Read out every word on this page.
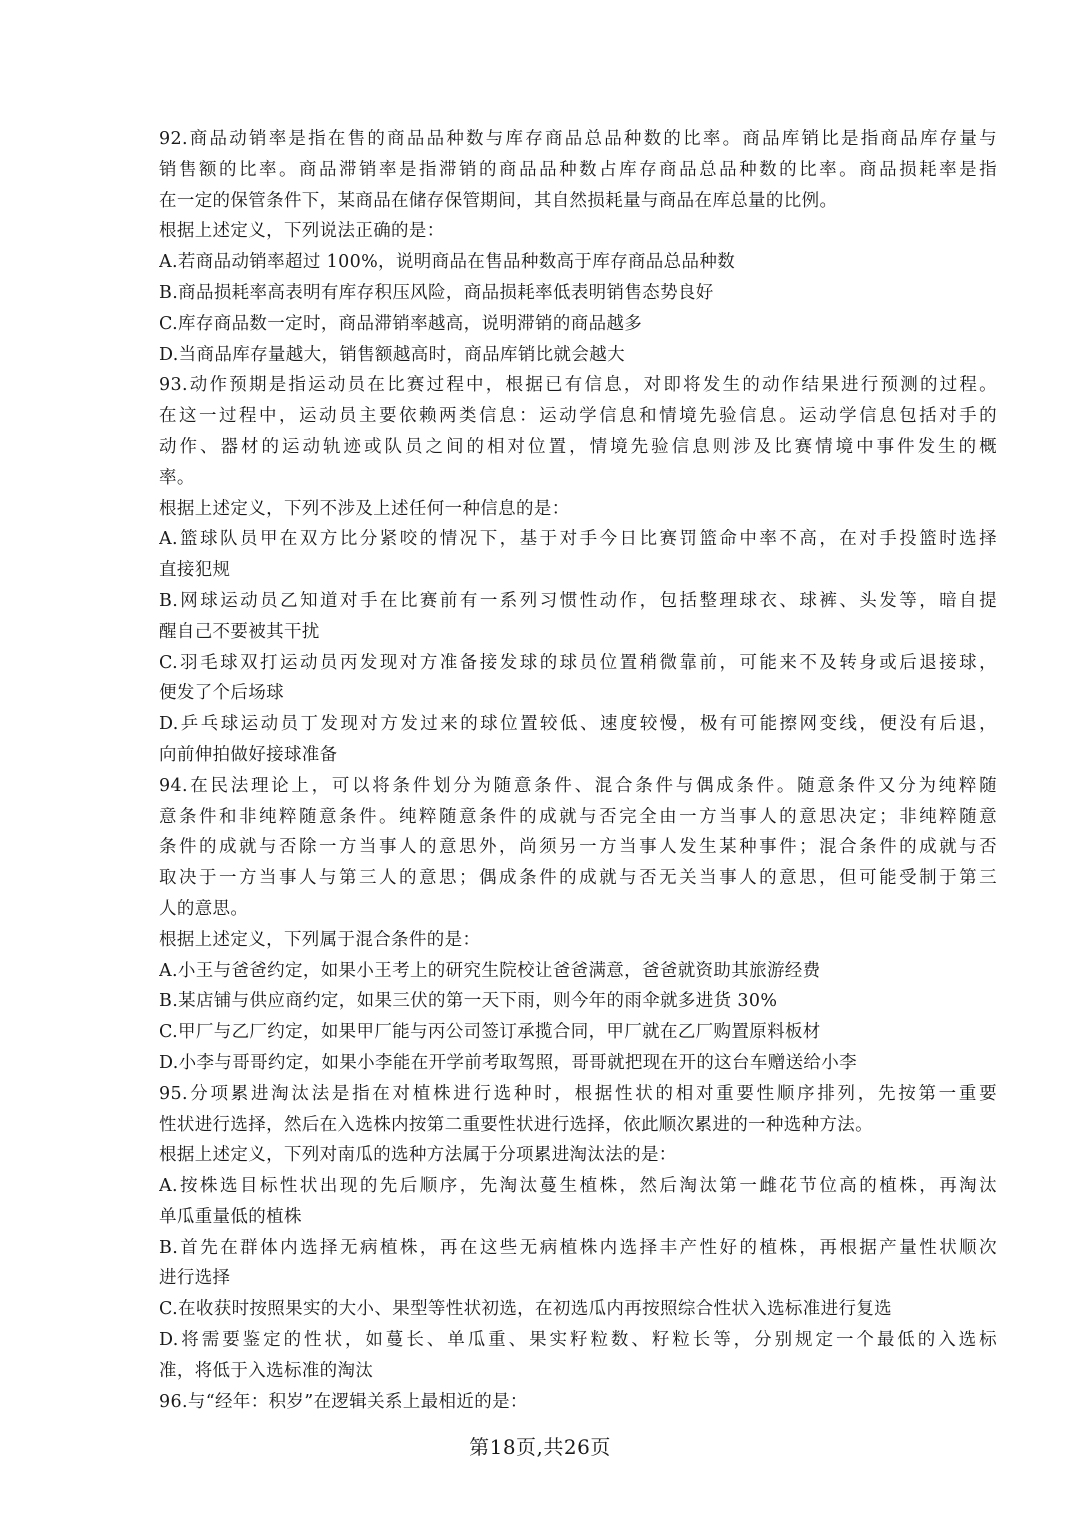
92.商品动销率是指在售的商品品种数与库存商品总品种数的比率。商品库销比是指商品库存量与
销售额的比率。商品滞销率是指滞销的商品品种数占库存商品总品种数的比率。商品损耗率是指
在一定的保管条件下，某商品在储存保管期间，其自然损耗量与商品在库总量的比例。
根据上述定义，下列说法正确的是：
A.若商品动销率超过 100%，说明商品在售品种数高于库存商品总品种数
B.商品损耗率高表明有库存积压风险，商品损耗率低表明销售态势良好
C.库存商品数一定时，商品滞销率越高，说明滞销的商品越多
D.当商品库存量越大，销售额越高时，商品库销比就会越大
93.动作预期是指运动员在比赛过程中，根据已有信息，对即将发生的动作结果进行预测的过程。
在这一过程中，运动员主要依赖两类信息：运动学信息和情境先验信息。运动学信息包括对手的
动作、器材的运动轨迹或队员之间的相对位置，情境先验信息则涉及比赛情境中事件发生的概
率。
根据上述定义，下列不涉及上述任何一种信息的是：
A.篮球队员甲在双方比分紧咬的情况下，基于对手今日比赛罚篮命中率不高，在对手投篮时选择
直接犯规
B.网球运动员乙知道对手在比赛前有一系列习惯性动作，包括整理球衣、球裤、头发等，暗自提
醒自己不要被其干扰
C.羽毛球双打运动员丙发现对方准备接发球的球员位置稍微靠前，可能来不及转身或后退接球，
便发了个后场球
D.乒乓球运动员丁发现对方发过来的球位置较低、速度较慢，极有可能擦网变线，便没有后退，
向前伸拍做好接球准备
94.在民法理论上，可以将条件划分为随意条件、混合条件与偶成条件。随意条件又分为纯粹随
意条件和非纯粹随意条件。纯粹随意条件的成就与否完全由一方当事人的意思决定；非纯粹随意
条件的成就与否除一方当事人的意思外，尚须另一方当事人发生某种事件；混合条件的成就与否
取决于一方当事人与第三人的意思；偶成条件的成就与否无关当事人的意思，但可能受制于第三
人的意思。
根据上述定义，下列属于混合条件的是：
A.小王与爸爸约定，如果小王考上的研究生院校让爸爸满意，爸爸就资助其旅游经费
B.某店铺与供应商约定，如果三伏的第一天下雨，则今年的雨伞就多进货 30%
C.甲厂与乙厂约定，如果甲厂能与丙公司签订承揽合同，甲厂就在乙厂购置原料板材
D.小李与哥哥约定，如果小李能在开学前考取驾照，哥哥就把现在开的这台车赠送给小李
95.分项累进淘汰法是指在对植株进行选种时，根据性状的相对重要性顺序排列，先按第一重要
性状进行选择，然后在入选株内按第二重要性状进行选择，依此顺次累进的一种选种方法。
根据上述定义，下列对南瓜的选种方法属于分项累进淘汰法的是：
A.按株选目标性状出现的先后顺序，先淘汰蔓生植株，然后淘汰第一雌花节位高的植株，再淘汰
单瓜重量低的植株
B.首先在群体内选择无病植株，再在这些无病植株内选择丰产性好的植株，再根据产量性状顺次
进行选择
C.在收获时按照果实的大小、果型等性状初选，在初选瓜内再按照综合性状入选标准进行复选
D.将需要鉴定的性状，如蔓长、单瓜重、果实籽粒数、籽粒长等，分别规定一个最低的入选标
准，将低于入选标准的淘汰
96.与“经年：积岁”在逻辑关系上最相近的是：
第18页,共26页
